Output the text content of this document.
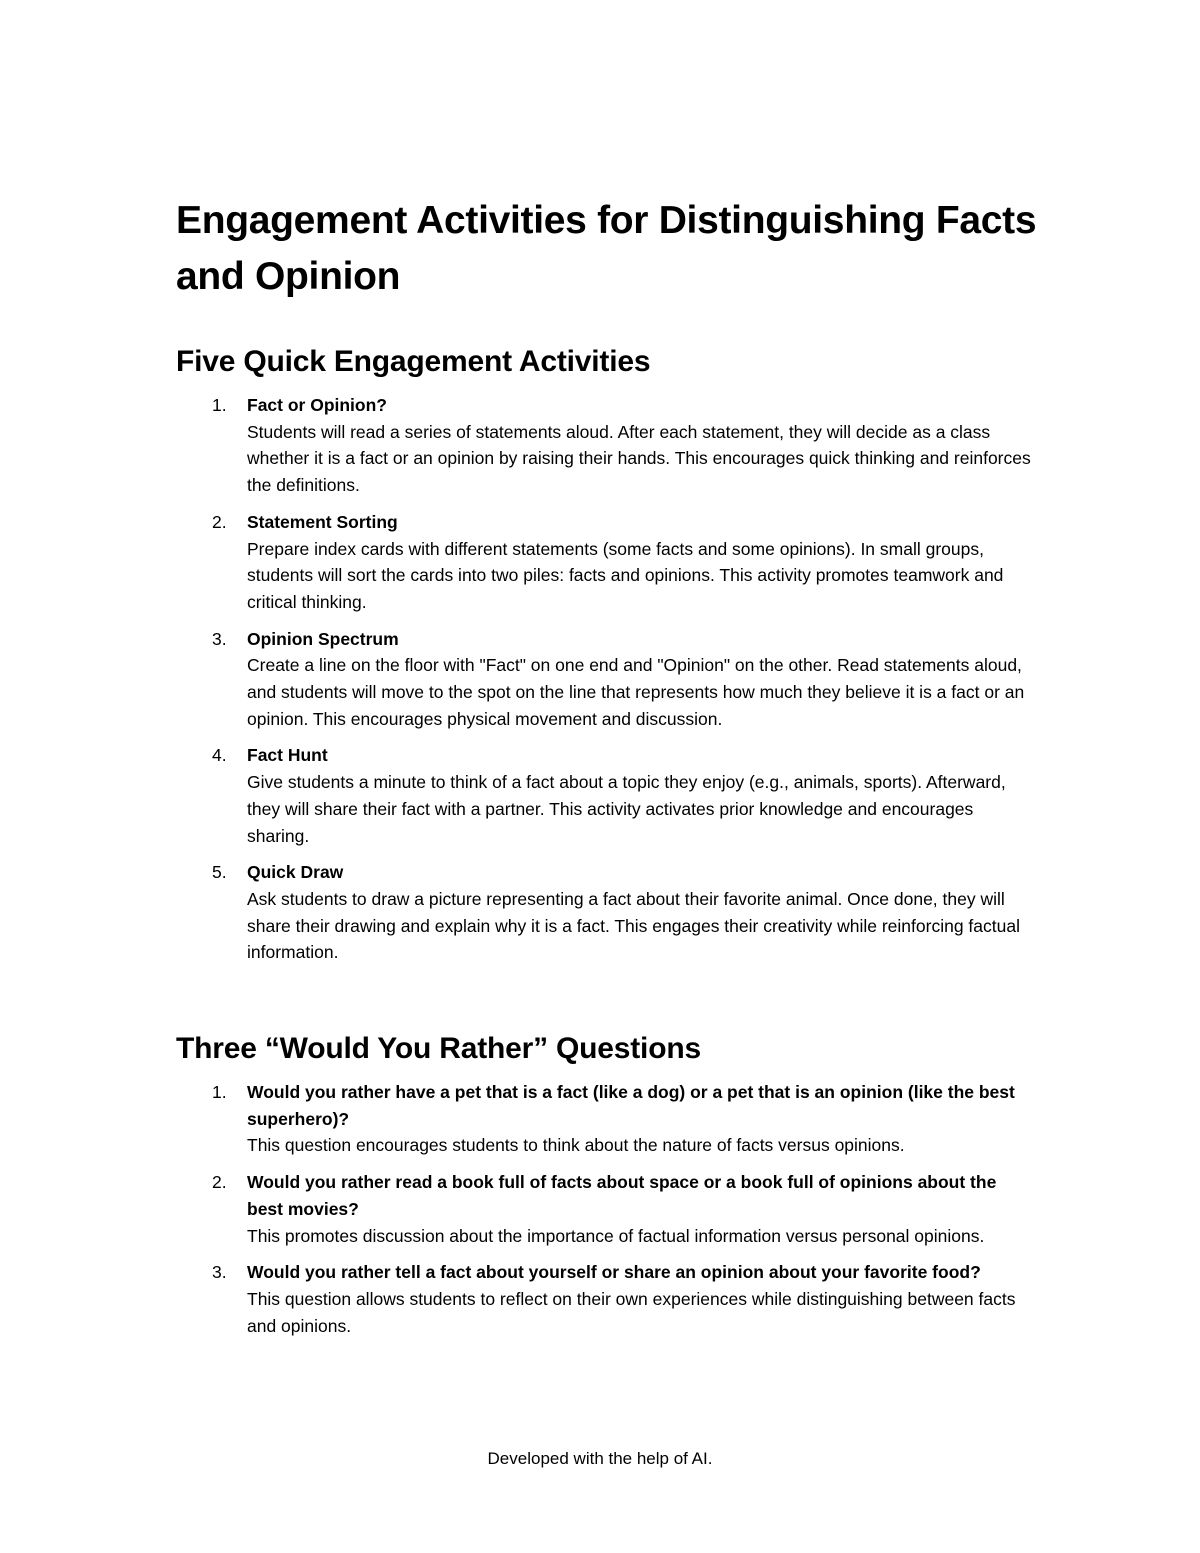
Engagement Activities for Distinguishing Facts and Opinion
Five Quick Engagement Activities
1. Fact or Opinion?
Students will read a series of statements aloud. After each statement, they will decide as a class whether it is a fact or an opinion by raising their hands. This encourages quick thinking and reinforces the definitions.
2. Statement Sorting
Prepare index cards with different statements (some facts and some opinions). In small groups, students will sort the cards into two piles: facts and opinions. This activity promotes teamwork and critical thinking.
3. Opinion Spectrum
Create a line on the floor with "Fact" on one end and "Opinion" on the other. Read statements aloud, and students will move to the spot on the line that represents how much they believe it is a fact or an opinion. This encourages physical movement and discussion.
4. Fact Hunt
Give students a minute to think of a fact about a topic they enjoy (e.g., animals, sports). Afterward, they will share their fact with a partner. This activity activates prior knowledge and encourages sharing.
5. Quick Draw
Ask students to draw a picture representing a fact about their favorite animal. Once done, they will share their drawing and explain why it is a fact. This engages their creativity while reinforcing factual information.
Three “Would You Rather” Questions
1. Would you rather have a pet that is a fact (like a dog) or a pet that is an opinion (like the best superhero)?
This question encourages students to think about the nature of facts versus opinions.
2. Would you rather read a book full of facts about space or a book full of opinions about the best movies?
This promotes discussion about the importance of factual information versus personal opinions.
3. Would you rather tell a fact about yourself or share an opinion about your favorite food?
This question allows students to reflect on their own experiences while distinguishing between facts and opinions.

Developed with the help of AI.
